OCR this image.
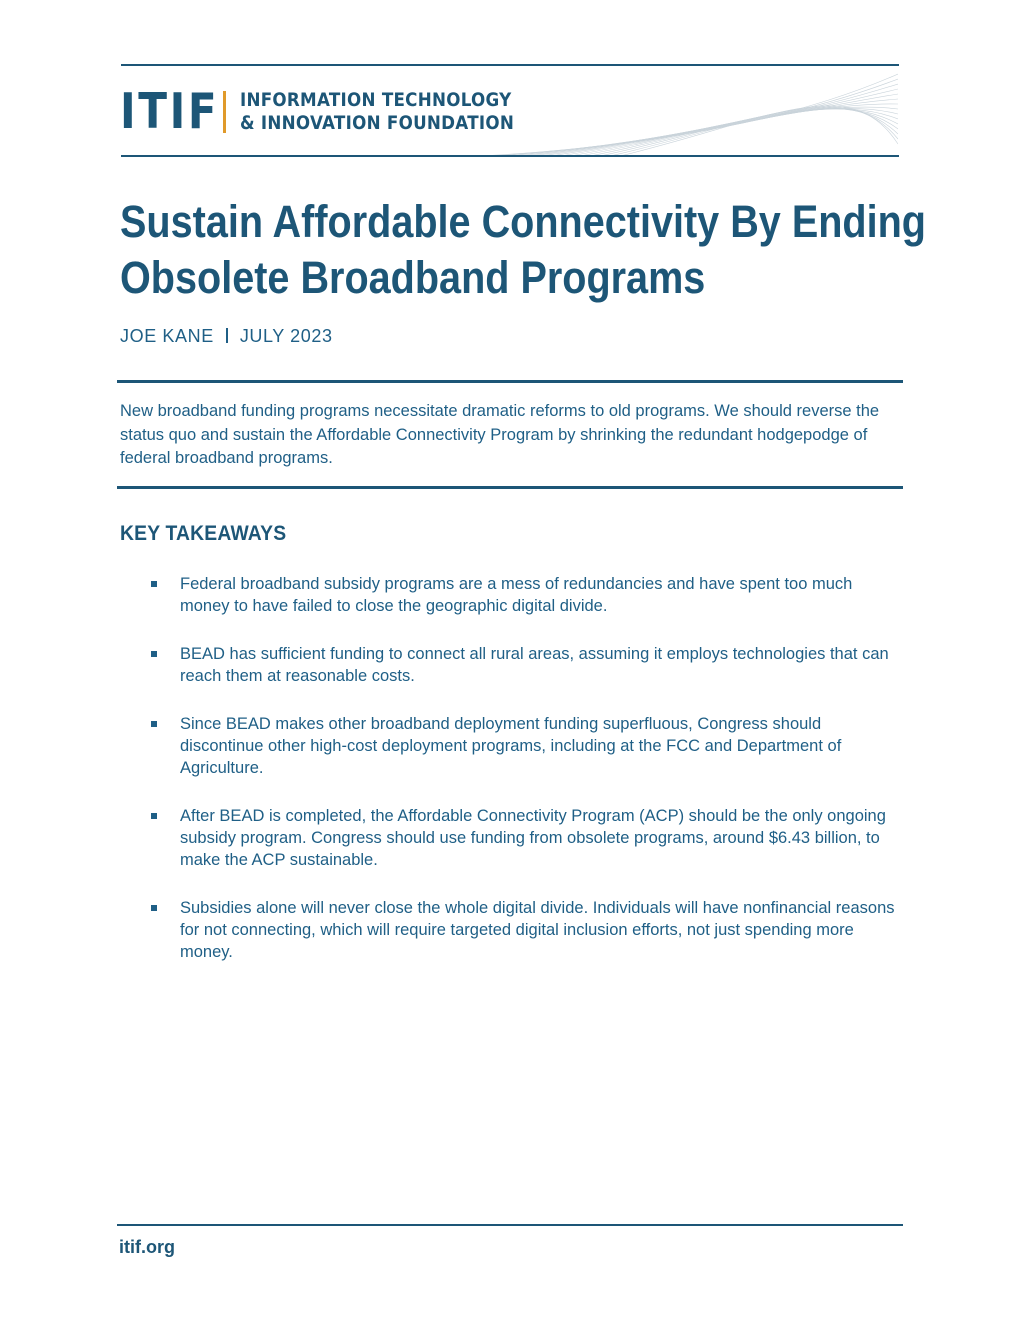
ITIF INFORMATION TECHNOLOGY
& INNOVATION FOUNDATION
Sustain Affordable Connectivity By Ending
Obsolete Broadband Programs
JOE KANE JULY 2023
New broadband funding programs necessitate dramatic reforms to old programs. We should reverse the status quo and sustain the Affordable Connectivity Program by shrinking the redundant hodgepodge of federal broadband programs.
KEY TAKEAWAYS
Federal broadband subsidy programs are a mess of redundancies and have spent too much money to have failed to close the geographic digital divide.
BEAD has sufficient funding to connect all rural areas, assuming it employs technologies that can reach them at reasonable costs.
Since BEAD makes other broadband deployment funding superfluous, Congress should discontinue other high-cost deployment programs, including at the FCC and Department of Agriculture.
After BEAD is completed, the Affordable Connectivity Program (ACP) should be the only ongoing subsidy program. Congress should use funding from obsolete programs, around $6.43 billion, to make the ACP sustainable.
Subsidies alone will never close the whole digital divide. Individuals will have nonfinancial reasons for not connecting, which will require targeted digital inclusion efforts, not just spending more money.
itif.org
